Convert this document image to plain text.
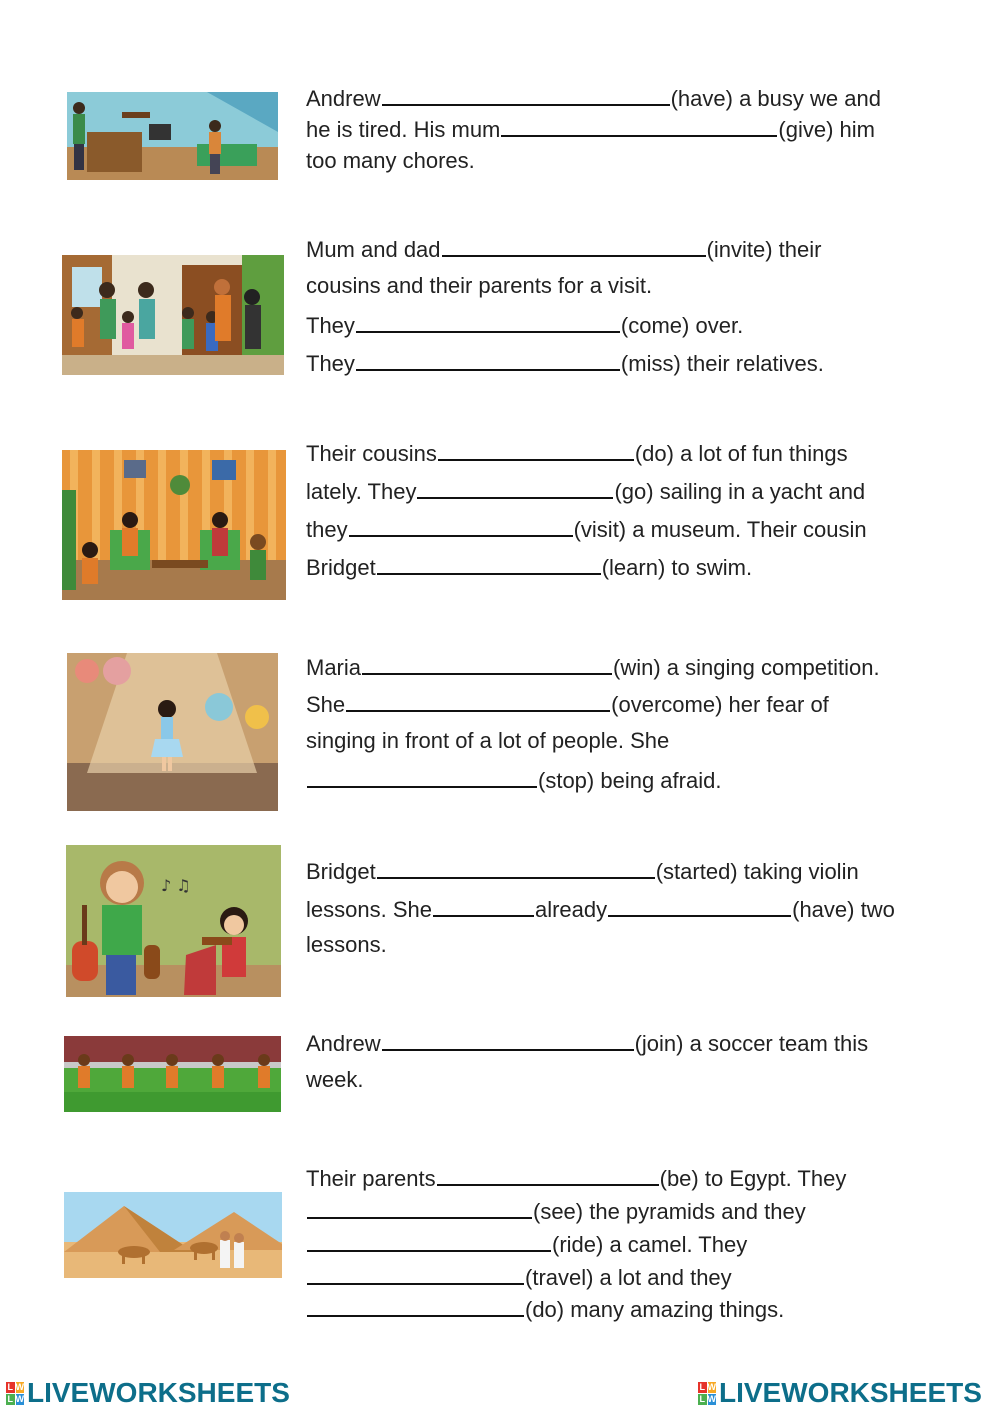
Andrew	(have) a busy we and
he is tired. His mum	(give) him
too many chores.
Mum and dad	(invite) their
cousins and their parents for a visit.
They	(come) over.
They	(miss) their relatives.
Their cousins	(do) a lot of fun things
lately. They	(go) sailing in a yacht and
they	(visit) a museum. Their cousin
Bridget	(learn) to swim.
Maria	(win) a singing competition.
She	(overcome) her fear of
singing in front of a lot of people. She
(stop) being afraid.
♪ ♫
Bridget	(started) taking violin
lessons. She	already	(have) two
lessons.
Andrew	(join) a soccer team this
week.
Their parents	(be) to Egypt. They
(see) the pyramids and they
(ride) a camel. They
(travel) a lot and they
(do) many amazing things.
L W
L W LIVEWORKSHEETS	L W
L W LIVEWORKSHEETS
